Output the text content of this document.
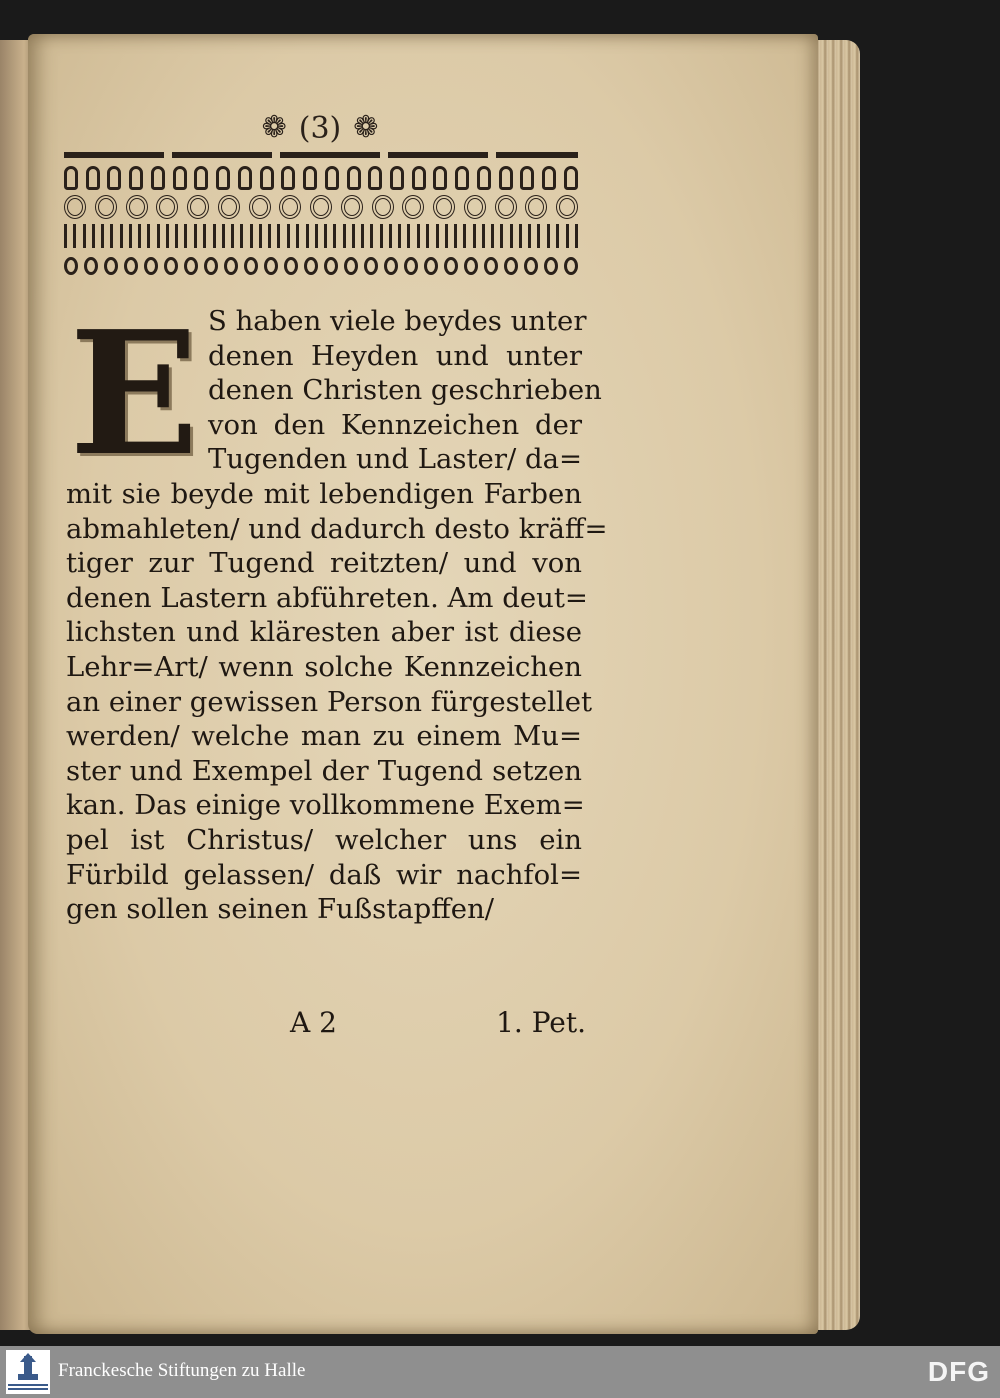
❁ (3) ❁
E S haben viele beydes unter
denen Heyden und unter
denen Christen geschrieben
von den Kennzeichen der
Tugenden und Laster/ da=
mit sie beyde mit lebendigen Farben
abmahleten/ und dadurch desto kräff=
tiger zur Tugend reitzten/ und von
denen Lastern abführeten. Am deut=
lichsten und kläresten aber ist diese
Lehr=Art/ wenn solche Kennzeichen
an einer gewissen Person fürgestellet
werden/ welche man zu einem Mu=
ster und Exempel der Tugend setzen
kan. Das einige vollkommene Exem=
pel ist Christus/ welcher uns ein
Fürbild gelassen/ daß wir nachfol=
gen sollen seinen Fußstapffen/
A 2	1. Pet.
Franckesche Stiftungen zu Halle	DFG
